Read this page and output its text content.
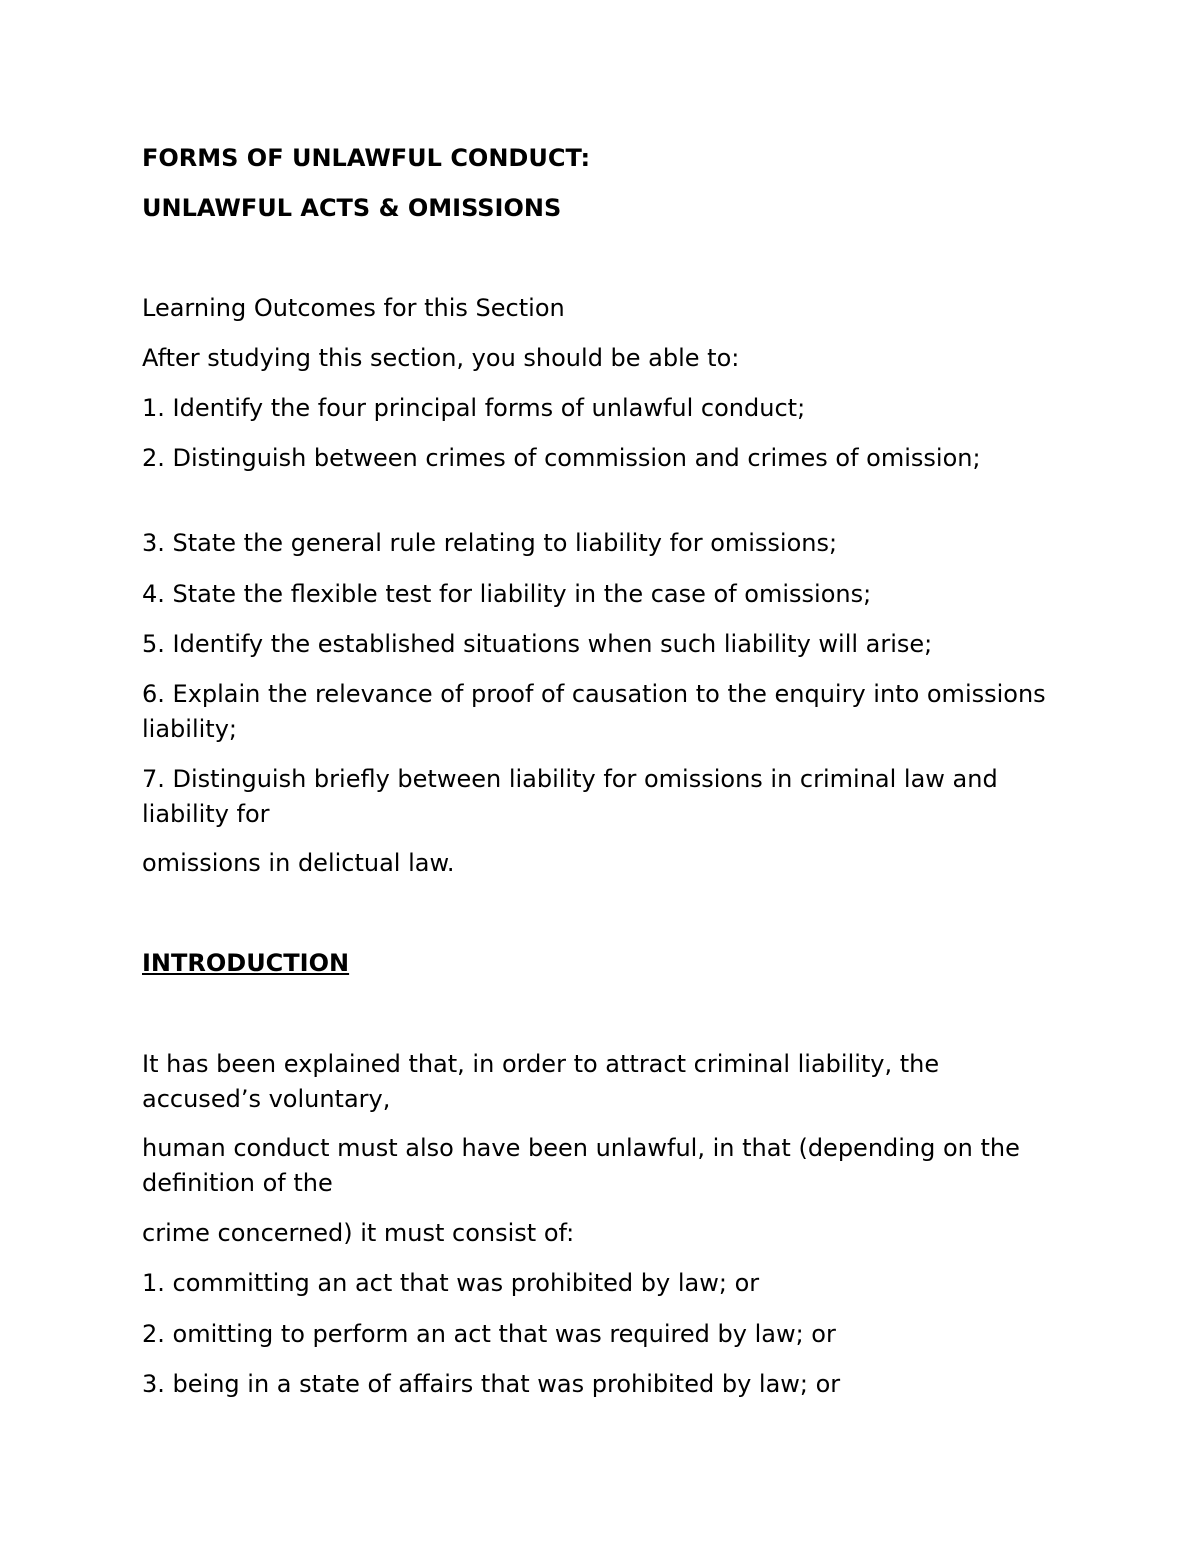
FORMS OF UNLAWFUL CONDUCT:
UNLAWFUL ACTS & OMISSIONS
Learning Outcomes for this Section
After studying this section, you should be able to:
1. Identify the four principal forms of unlawful conduct;
2. Distinguish between crimes of commission and crimes of omission;
3. State the general rule relating to liability for omissions;
4. State the flexible test for liability in the case of omissions;
5. Identify the established situations when such liability will arise;
6. Explain the relevance of proof of causation to the enquiry into omissions liability;
7. Distinguish briefly between liability for omissions in criminal law and liability for
omissions in delictual law.
INTRODUCTION
It has been explained that, in order to attract criminal liability, the accused’s voluntary,
human conduct must also have been unlawful, in that (depending on the definition of the
crime concerned) it must consist of:
1. committing an act that was prohibited by law; or
2. omitting to perform an act that was required by law; or
3. being in a state of affairs that was prohibited by law; or
